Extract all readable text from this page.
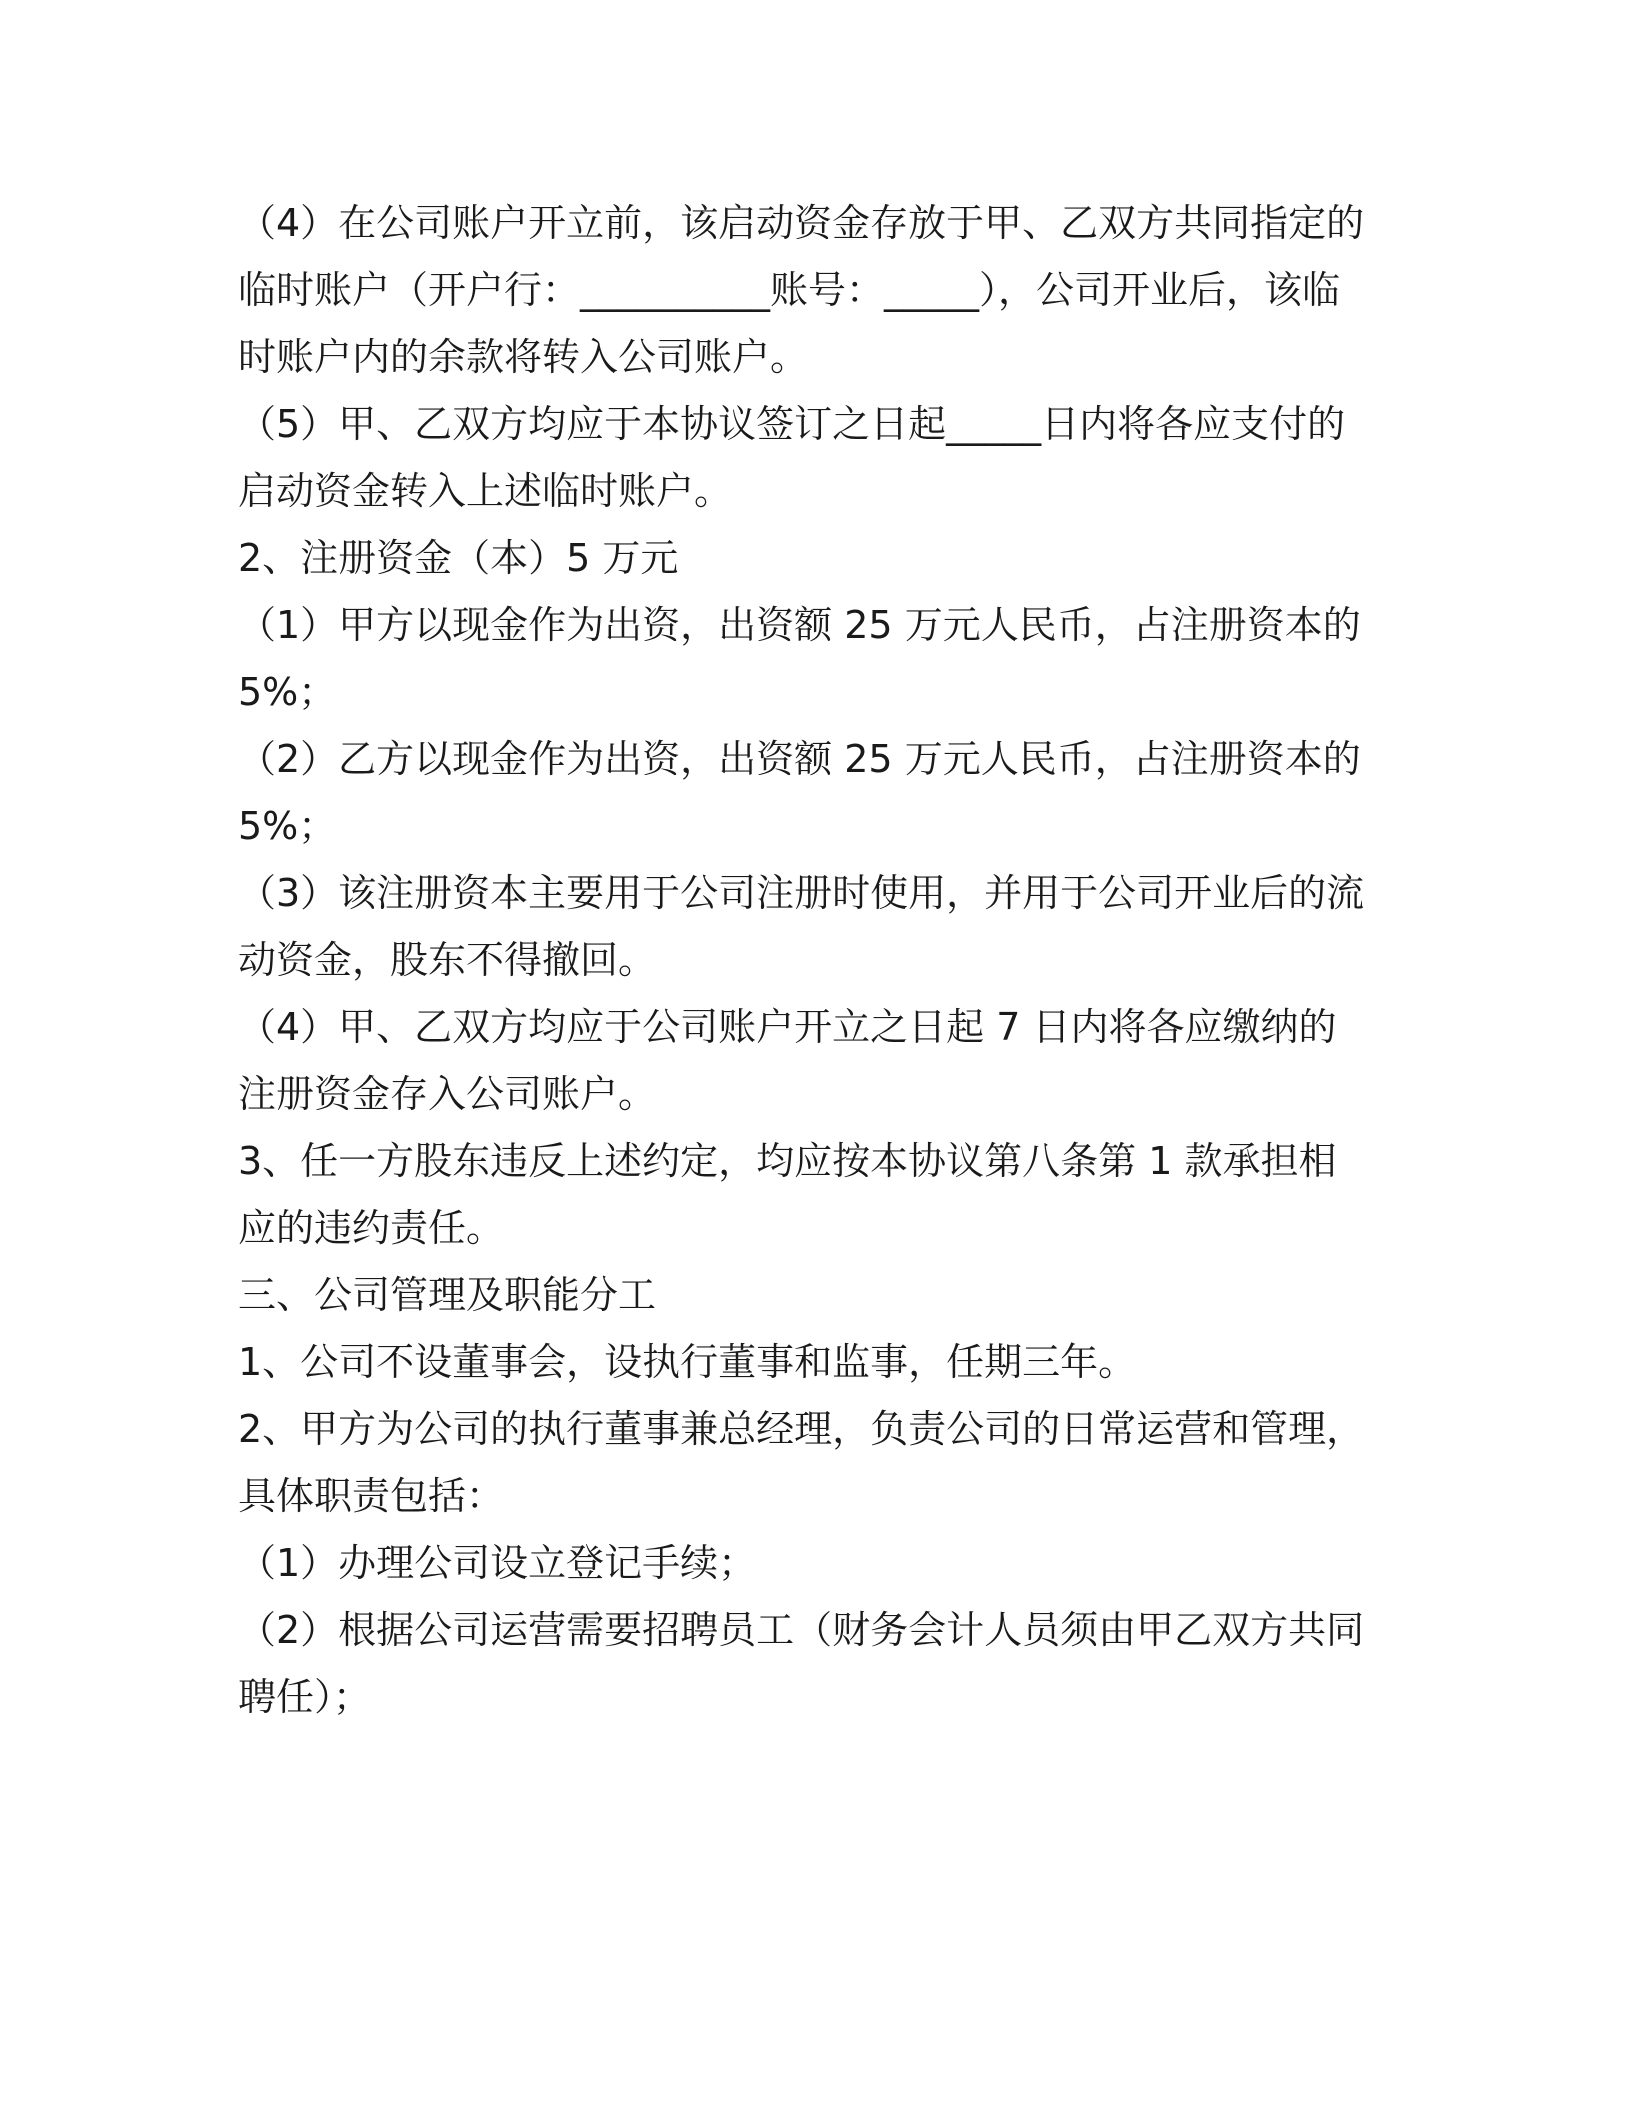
（4）在公司账户开立前，该启动资金存放于甲、乙双方共同指定的临时账户（开户行：__________账号：_____），公司开业后，该临时账户内的余款将转入公司账户。

（5）甲、乙双方均应于本协议签订之日起_____日内将各应支付的启动资金转入上述临时账户。

2、注册资金（本）5 万元

（1）甲方以现金作为出资，出资额 25 万元人民币，占注册资本的5%；

（2）乙方以现金作为出资，出资额 25 万元人民币，占注册资本的5%；

（3）该注册资本主要用于公司注册时使用，并用于公司开业后的流动资金，股东不得撤回。

（4）甲、乙双方均应于公司账户开立之日起 7 日内将各应缴纳的注册资金存入公司账户。

3、任一方股东违反上述约定，均应按本协议第八条第 1 款承担相应的违约责任。

三、公司管理及职能分工

1、公司不设董事会，设执行董事和监事，任期三年。

2、甲方为公司的执行董事兼总经理，负责公司的日常运营和管理，具体职责包括：

（1）办理公司设立登记手续；

（2）根据公司运营需要招聘员工（财务会计人员须由甲乙双方共同聘任）；
